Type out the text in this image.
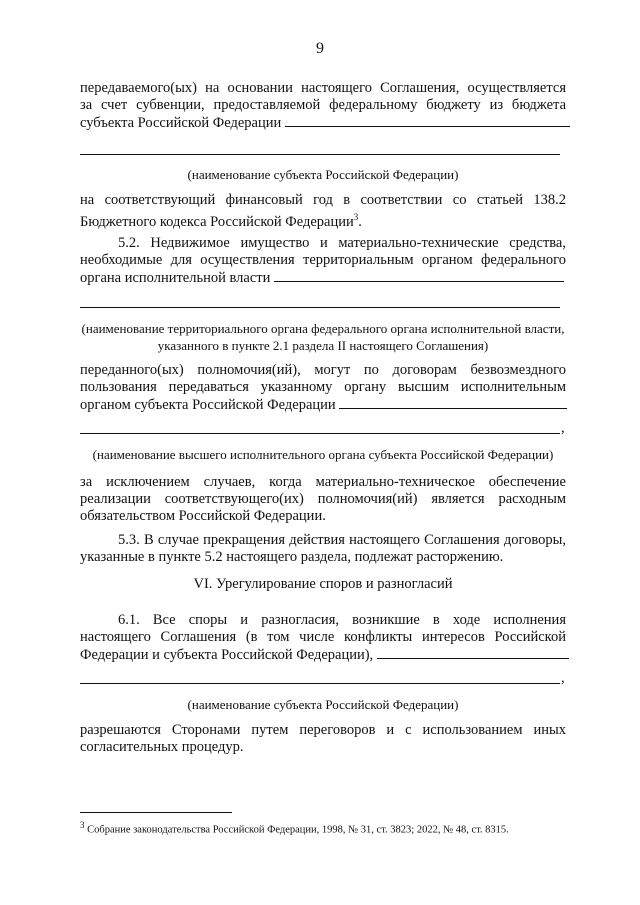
9
передаваемого(ых) на основании настоящего Соглашения, осуществляется
за счет субвенции, предоставляемой федеральному бюджету из бюджета
субъекта Российской Федерации
(наименование субъекта Российской Федерации)
на соответствующий финансовый год в соответствии со статьей 138.2
Бюджетного кодекса Российской Федерации$^3$.
5.2. Недвижимое имущество и материально-технические средства,
необходимые для осуществления территориальным органом федерального
органа исполнительной власти
(наименование территориального органа федерального органа исполнительной власти,
указанного в пункте 2.1 раздела II настоящего Соглашения)
переданного(ых) полномочия(ий), могут по договорам безвозмездного
пользования передаваться указанному органу высшим исполнительным
органом субъекта Российской Федерации
,
(наименование высшего исполнительного органа субъекта Российской Федерации)
за исключением случаев, когда материально-техническое обеспечение
реализации соответствующего(их) полномочия(ий) является расходным
обязательством Российской Федерации.
5.3. В случае прекращения действия настоящего Соглашения договоры,
указанные в пункте 5.2 настоящего раздела, подлежат расторжению.
VI. Урегулирование споров и разногласий
6.1. Все споры и разногласия, возникшие в ходе исполнения
настоящего Соглашения (в том числе конфликты интересов Российской
Федерации и субъекта Российской Федерации),
,
(наименование субъекта Российской Федерации)
разрешаются Сторонами путем переговоров и с использованием иных
согласительных процедур.
$^3$ Собрание законодательства Российской Федерации, 1998, № 31, ст. 3823; 2022, № 48, ст. 8315.
